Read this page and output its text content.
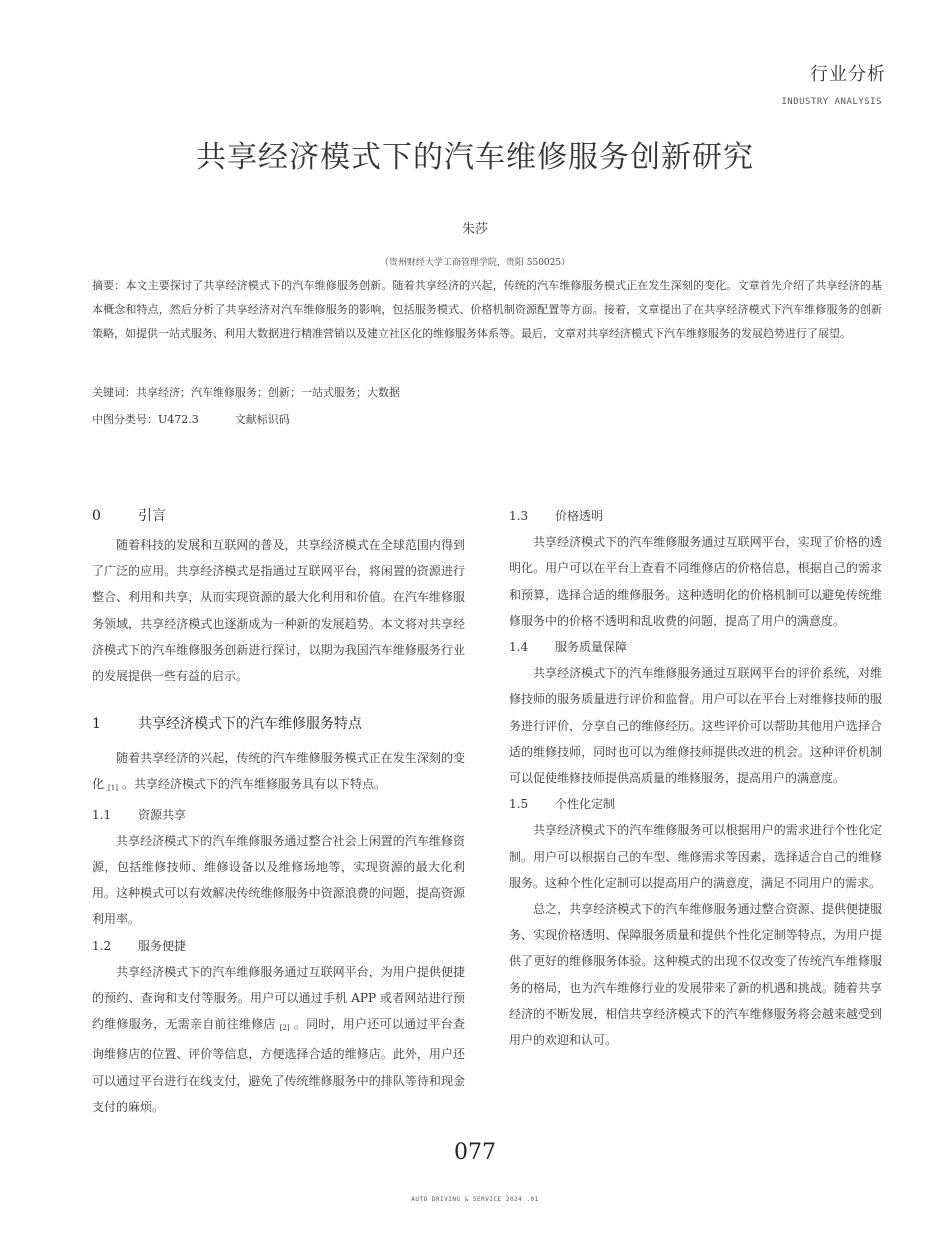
行业分析
INDUSTRY ANALYSIS
共享经济模式下的汽车维修服务创新研究
朱莎
（贵州财经大学工商管理学院，贵阳 550025）
摘要：本文主要探讨了共享经济模式下的汽车维修服务创新。随着共享经济的兴起，传统的汽车维修服务模式正在发生深刻的变化。文章首先介绍了共享经济的基本概念和特点，然后分析了共享经济对汽车维修服务的影响，包括服务模式、价格机制资源配置等方面。接着，文章提出了在共享经济模式下汽车维修服务的创新策略，如提供一站式服务、利用大数据进行精准营销以及建立社区化的维修服务体系等。最后，文章对共享经济模式下汽车维修服务的发展趋势进行了展望。
关键词：共享经济；汽车维修服务；创新；一站式服务；大数据
中图分类号：U472.3	文献标识码
0	引言

随着科技的发展和互联网的普及，共享经济模式在全球范围内得到了广泛的应用。共享经济模式是指通过互联网平台，将闲置的资源进行整合、利用和共享，从而实现资源的最大化利用和价值。在汽车维修服务领域，共享经济模式也逐渐成为一种新的发展趋势。本文将对共享经济模式下的汽车维修服务创新进行探讨，以期为我国汽车维修服务行业的发展提供一些有益的启示。

1	共享经济模式下的汽车维修服务特点

随着共享经济的兴起，传统的汽车维修服务模式正在发生深刻的变化 $_{[1]}$ 。共享经济模式下的汽车维修服务具有以下特点。

1.1 资源共享

共享经济模式下的汽车维修服务通过整合社会上闲置的汽车维修资源，包括维修技师、维修设备以及维修场地等，实现资源的最大化利用。这种模式可以有效解决传统维修服务中资源浪费的问题，提高资源利用率。

1.2 服务便捷

共享经济模式下的汽车维修服务通过互联网平台，为用户提供便捷的预约、查询和支付等服务。用户可以通过手机 APP 或者网站进行预约维修服务，无需亲自前往维修店 $_{[2]}$ 。同时，用户还可以通过平台查询维修店的位置、评价等信息，方便选择合适的维修店。此外，用户还可以通过平台进行在线支付，避免了传统维修服务中的排队等待和现金支付的麻烦。

1.3 价格透明

共享经济模式下的汽车维修服务通过互联网平台，实现了价格的透明化。用户可以在平台上查看不同维修店的价格信息，根据自己的需求和预算，选择合适的维修服务。这种透明化的价格机制可以避免传统维修服务中的价格不透明和乱收费的问题，提高了用户的满意度。

1.4 服务质量保障

共享经济模式下的汽车维修服务通过互联网平台的评价系统，对维修技师的服务质量进行评价和监督。用户可以在平台上对维修技师的服务进行评价，分享自己的维修经历。这些评价可以帮助其他用户选择合适的维修技师，同时也可以为维修技师提供改进的机会。这种评价机制可以促使维修技师提供高质量的维修服务，提高用户的满意度。

1.5 个性化定制

共享经济模式下的汽车维修服务可以根据用户的需求进行个性化定制。用户可以根据自己的车型、维修需求等因素，选择适合自己的维修服务。这种个性化定制可以提高用户的满意度，满足不同用户的需求。

总之，共享经济模式下的汽车维修服务通过整合资源、提供便捷服务、实现价格透明、保障服务质量和提供个性化定制等特点，为用户提供了更好的维修服务体验。这种模式的出现不仅改变了传统汽车维修服务的格局，也为汽车维修行业的发展带来了新的机遇和挑战。随着共享经济的不断发展，相信共享经济模式下的汽车维修服务将会越来越受到用户的欢迎和认可。

077
AUTO DRIVING & SERVICE 2024 .01
